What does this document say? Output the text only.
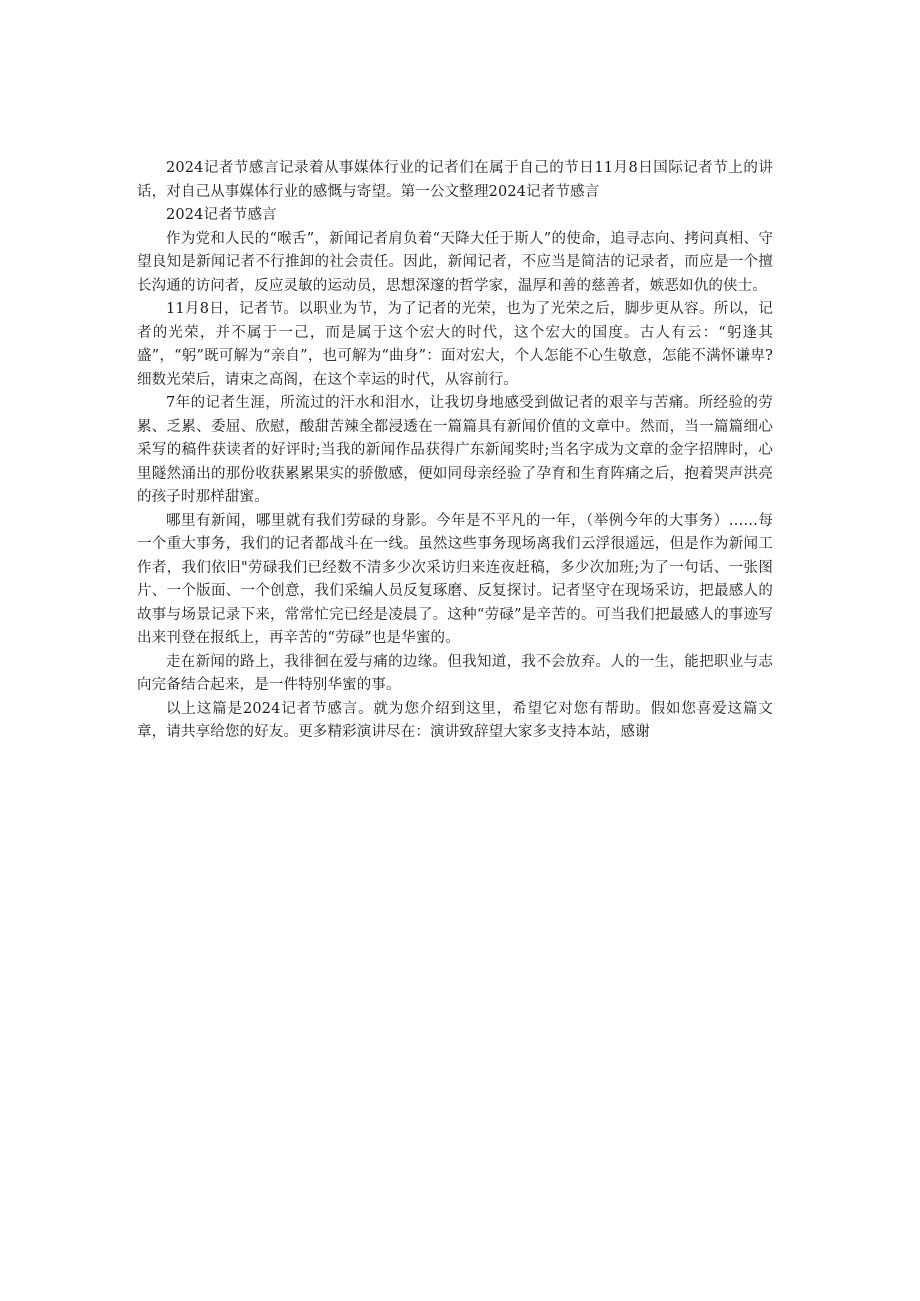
2024记者节感言记录着从事媒体行业的记者们在属于自己的节日11月8日国际记者节上的讲话，对自己从事媒体行业的感慨与寄望。第一公文整理2024记者节感言

2024记者节感言

作为党和人民的“喉舌”，新闻记者肩负着“天降大任于斯人”的使命，追寻志向、拷问真相、守望良知是新闻记者不行推卸的社会责任。因此，新闻记者，不应当是简洁的记录者，而应是一个擅长沟通的访问者，反应灵敏的运动员，思想深邃的哲学家，温厚和善的慈善者，嫉恶如仇的侠士。

11月8日，记者节。以职业为节，为了记者的光荣，也为了光荣之后，脚步更从容。所以，记者的光荣，并不属于一己，而是属于这个宏大的时代，这个宏大的国度。古人有云：“躬逢其盛”，“躬”既可解为“亲自”，也可解为“曲身”：面对宏大，个人怎能不心生敬意，怎能不满怀谦卑?细数光荣后，请束之高阁，在这个幸运的时代，从容前行。

7年的记者生涯，所流过的汗水和泪水，让我切身地感受到做记者的艰辛与苦痛。所经验的劳累、乏累、委屈、欣慰，酸甜苦辣全都浸透在一篇篇具有新闻价值的文章中。然而，当一篇篇细心采写的稿件获读者的好评时;当我的新闻作品获得广东新闻奖时;当名字成为文章的金字招牌时，心里隧然涌出的那份收获累累果实的骄傲感，便如同母亲经验了孕育和生育阵痛之后，抱着哭声洪亮的孩子时那样甜蜜。

哪里有新闻，哪里就有我们劳碌的身影。今年是不平凡的一年，（举例今年的大事务）……每一个重大事务，我们的记者都战斗在一线。虽然这些事务现场离我们云浮很遥远，但是作为新闻工作者，我们依旧"劳碌我们已经数不清多少次采访归来连夜赶稿，多少次加班;为了一句话、一张图片、一个版面、一个创意，我们采编人员反复琢磨、反复探讨。记者坚守在现场采访，把最感人的故事与场景记录下来，常常忙完已经是凌晨了。这种“劳碌”是辛苦的。可当我们把最感人的事迹写出来刊登在报纸上，再辛苦的“劳碌”也是华蜜的。

走在新闻的路上，我徘徊在爱与痛的边缘。但我知道，我不会放弃。人的一生，能把职业与志向完备结合起来，是一件特别华蜜的事。

以上这篇是2024记者节感言。就为您介绍到这里，希望它对您有帮助。假如您喜爱这篇文章，请共享给您的好友。更多精彩演讲尽在：演讲致辞望大家多支持本站，感谢
